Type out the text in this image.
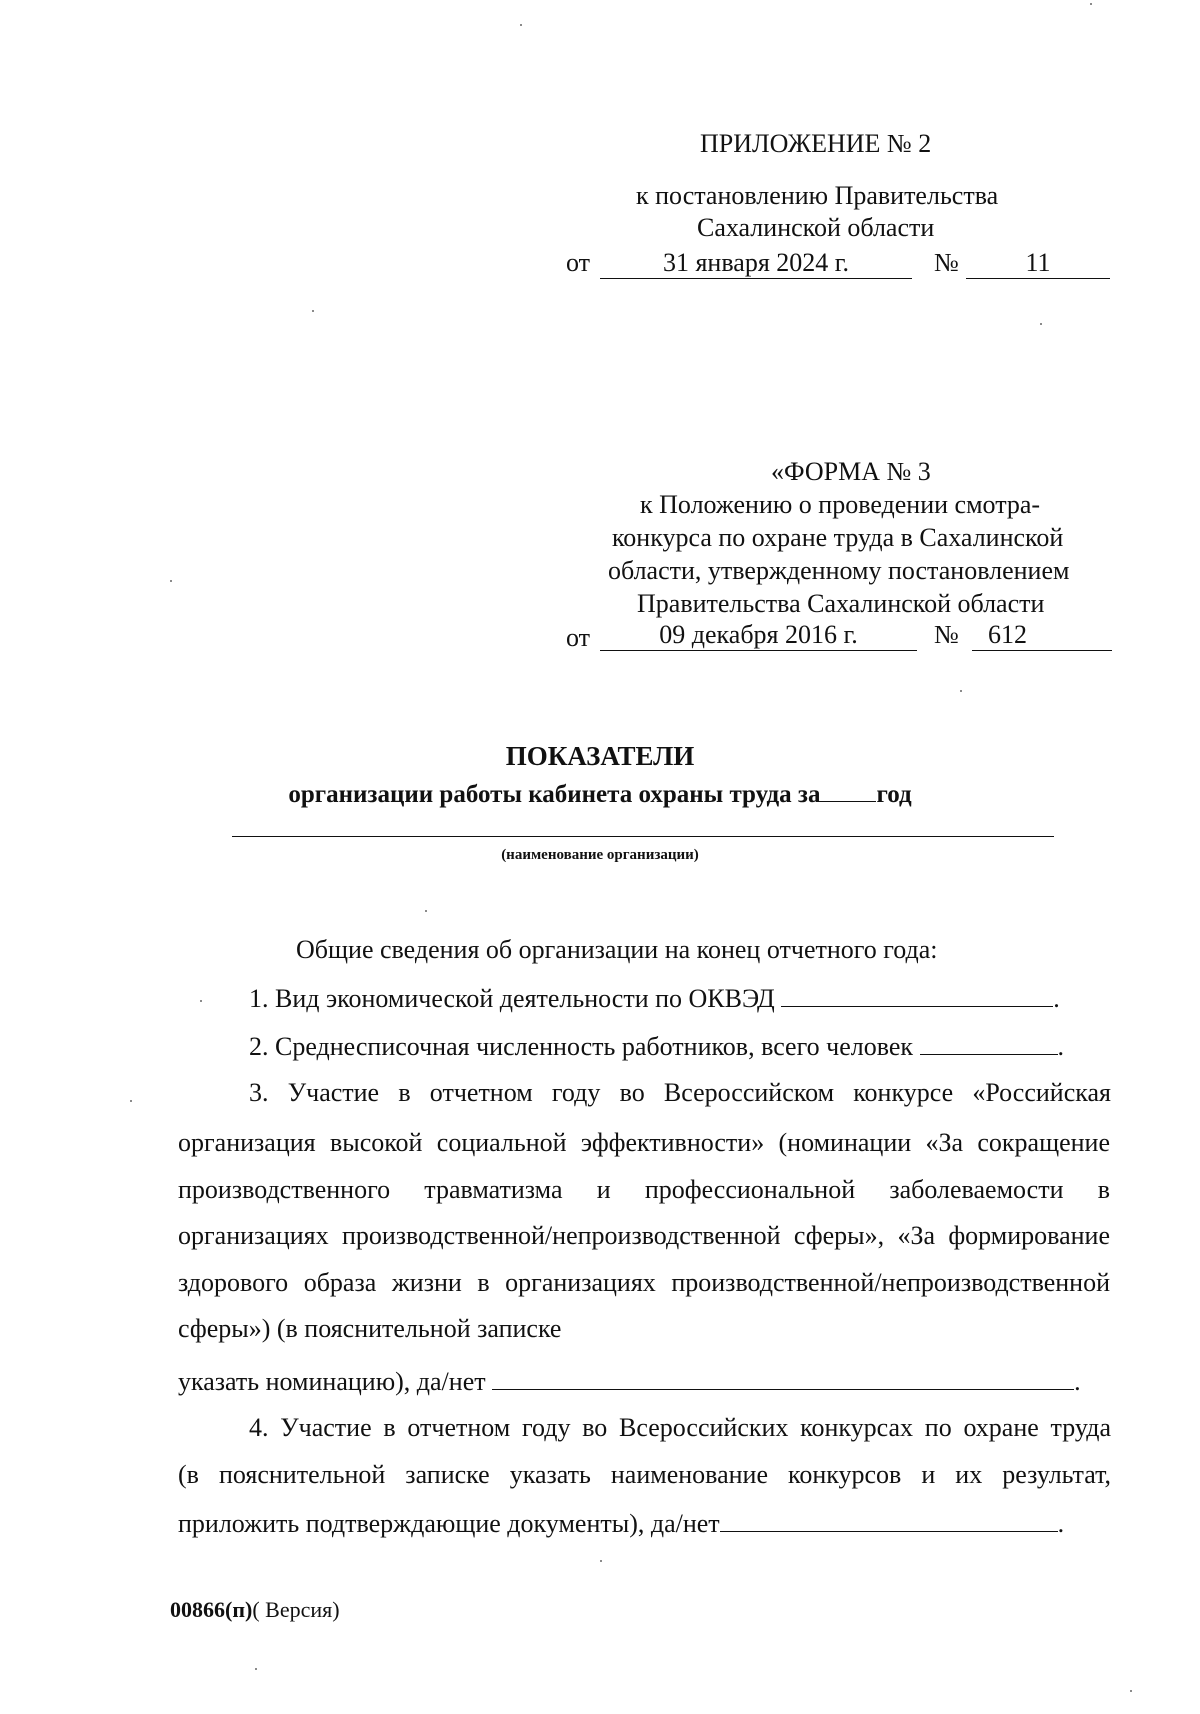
ПРИЛОЖЕНИЕ № 2
к постановлению Правительства
Сахалинской области
от	31 января 2024 г.	№	11
«ФОРМА № 3
к Положению о проведении смотра-
конкурса по охране труда в Сахалинской
области, утвержденному постановлением
Правительства Сахалинской области
от	09 декабря 2016 г.	№	612
ПОКАЗАТЕЛИ
организации работы кабинета охраны труда за год
(наименование организации)
Общие сведения об организации на конец отчетного года:
1. Вид экономической деятельности по ОКВЭД	.
2. Среднесписочная численность работников, всего человек	.
3. Участие в отчетном году во Всероссийском конкурсе «Российская
организация высокой социальной эффективности» (номинации «За сокращение производственного травматизма и профессиональной заболеваемости в организациях производственной/непроизводственной сферы», «За формирование здорового образа жизни в организациях производственной/непроизводственной сферы») (в пояснительной записке
указать номинацию), да/нет	.
4. Участие в отчетном году во Всероссийских конкурсах по охране труда
(в пояснительной записке указать наименование конкурсов и их результат,
приложить подтверждающие документы), да/нет	.
00866(п)( Версия)
